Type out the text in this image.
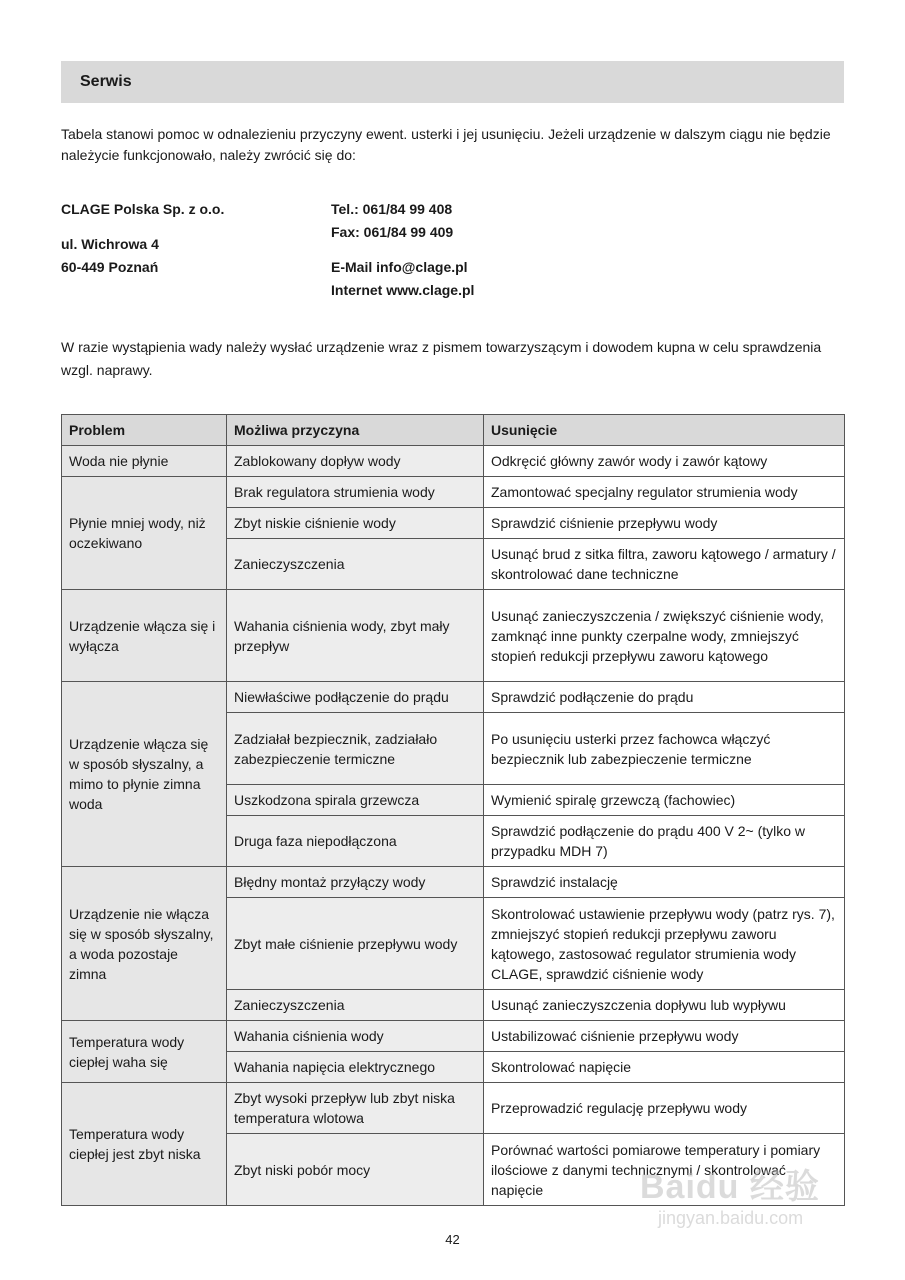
Serwis

Tabela stanowi pomoc w odnalezieniu przyczyny ewent. usterki i jej usunięciu. Jeżeli urządzenie w dalszym ciągu nie będzie należycie funkcjonowało, należy zwrócić się do:

CLAGE Polska Sp. z o.o.
ul. Wichrowa 4
60-449 Poznań
Tel.: 061/84 99 408
Fax: 061/84 99 409
E-Mail info@clage.pl
Internet www.clage.pl

W razie wystąpienia wady należy wysłać urządzenie wraz z pismem towarzyszącym i dowodem kupna w celu sprawdzenia wzgl. naprawy.

Problem	Możliwa przyczyna	Usunięcie
Woda nie płynie	Zablokowany dopływ wody	Odkręcić główny zawór wody i zawór kątowy
Płynie mniej wody, niż oczekiwano	Brak regulatora strumienia wody	Zamontować specjalny regulator strumienia wody
	Zbyt niskie ciśnienie wody	Sprawdzić ciśnienie przepływu wody
	Zanieczyszczenia	Usunąć brud z sitka filtra, zaworu kątowego / armatury / skontrolować dane techniczne
Urządzenie włącza się i wyłącza	Wahania ciśnienia wody, zbyt mały przepływ	Usunąć zanieczyszczenia / zwiększyć ciśnienie wody, zamknąć inne punkty czerpalne wody, zmniejszyć stopień redukcji przepływu zaworu kątowego
Urządzenie włącza się w sposób słyszalny, a mimo to płynie zimna woda	Niewłaściwe podłączenie do prądu	Sprawdzić podłączenie do prądu
	Zadziałał bezpiecznik, zadziałało zabezpieczenie termiczne	Po usunięciu usterki przez fachowca włączyć bezpiecznik lub zabezpieczenie termiczne
	Uszkodzona spirala grzewcza	Wymienić spiralę grzewczą (fachowiec)
	Druga faza niepodłączona	Sprawdzić podłączenie do prądu 400 V 2~ (tylko w przypadku MDH 7)
Urządzenie nie włącza się w sposób słyszalny, a woda pozostaje zimna	Błędny montaż przyłączy wody	Sprawdzić instalację
	Zbyt małe ciśnienie przepływu wody	Skontrolować ustawienie przepływu wody (patrz rys. 7), zmniejszyć stopień redukcji przepływu zaworu kątowego, zastosować regulator strumienia wody CLAGE, sprawdzić ciśnienie wody
	Zanieczyszczenia	Usunąć zanieczyszczenia dopływu lub wypływu
Temperatura wody ciepłej waha się	Wahania ciśnienia wody	Ustabilizować ciśnienie przepływu wody
	Wahania napięcia elektrycznego	Skontrolować napięcie
Temperatura wody ciepłej jest zbyt niska	Zbyt wysoki przepływ lub zbyt niska temperatura wlotowa	Przeprowadzić regulację przepływu wody
	Zbyt niski pobór mocy	Porównać wartości pomiarowe temperatury i pomiary ilościowe z danymi technicznymi / skontrolować napięcie
42
Baidu 经验
jingyan.baidu.com
